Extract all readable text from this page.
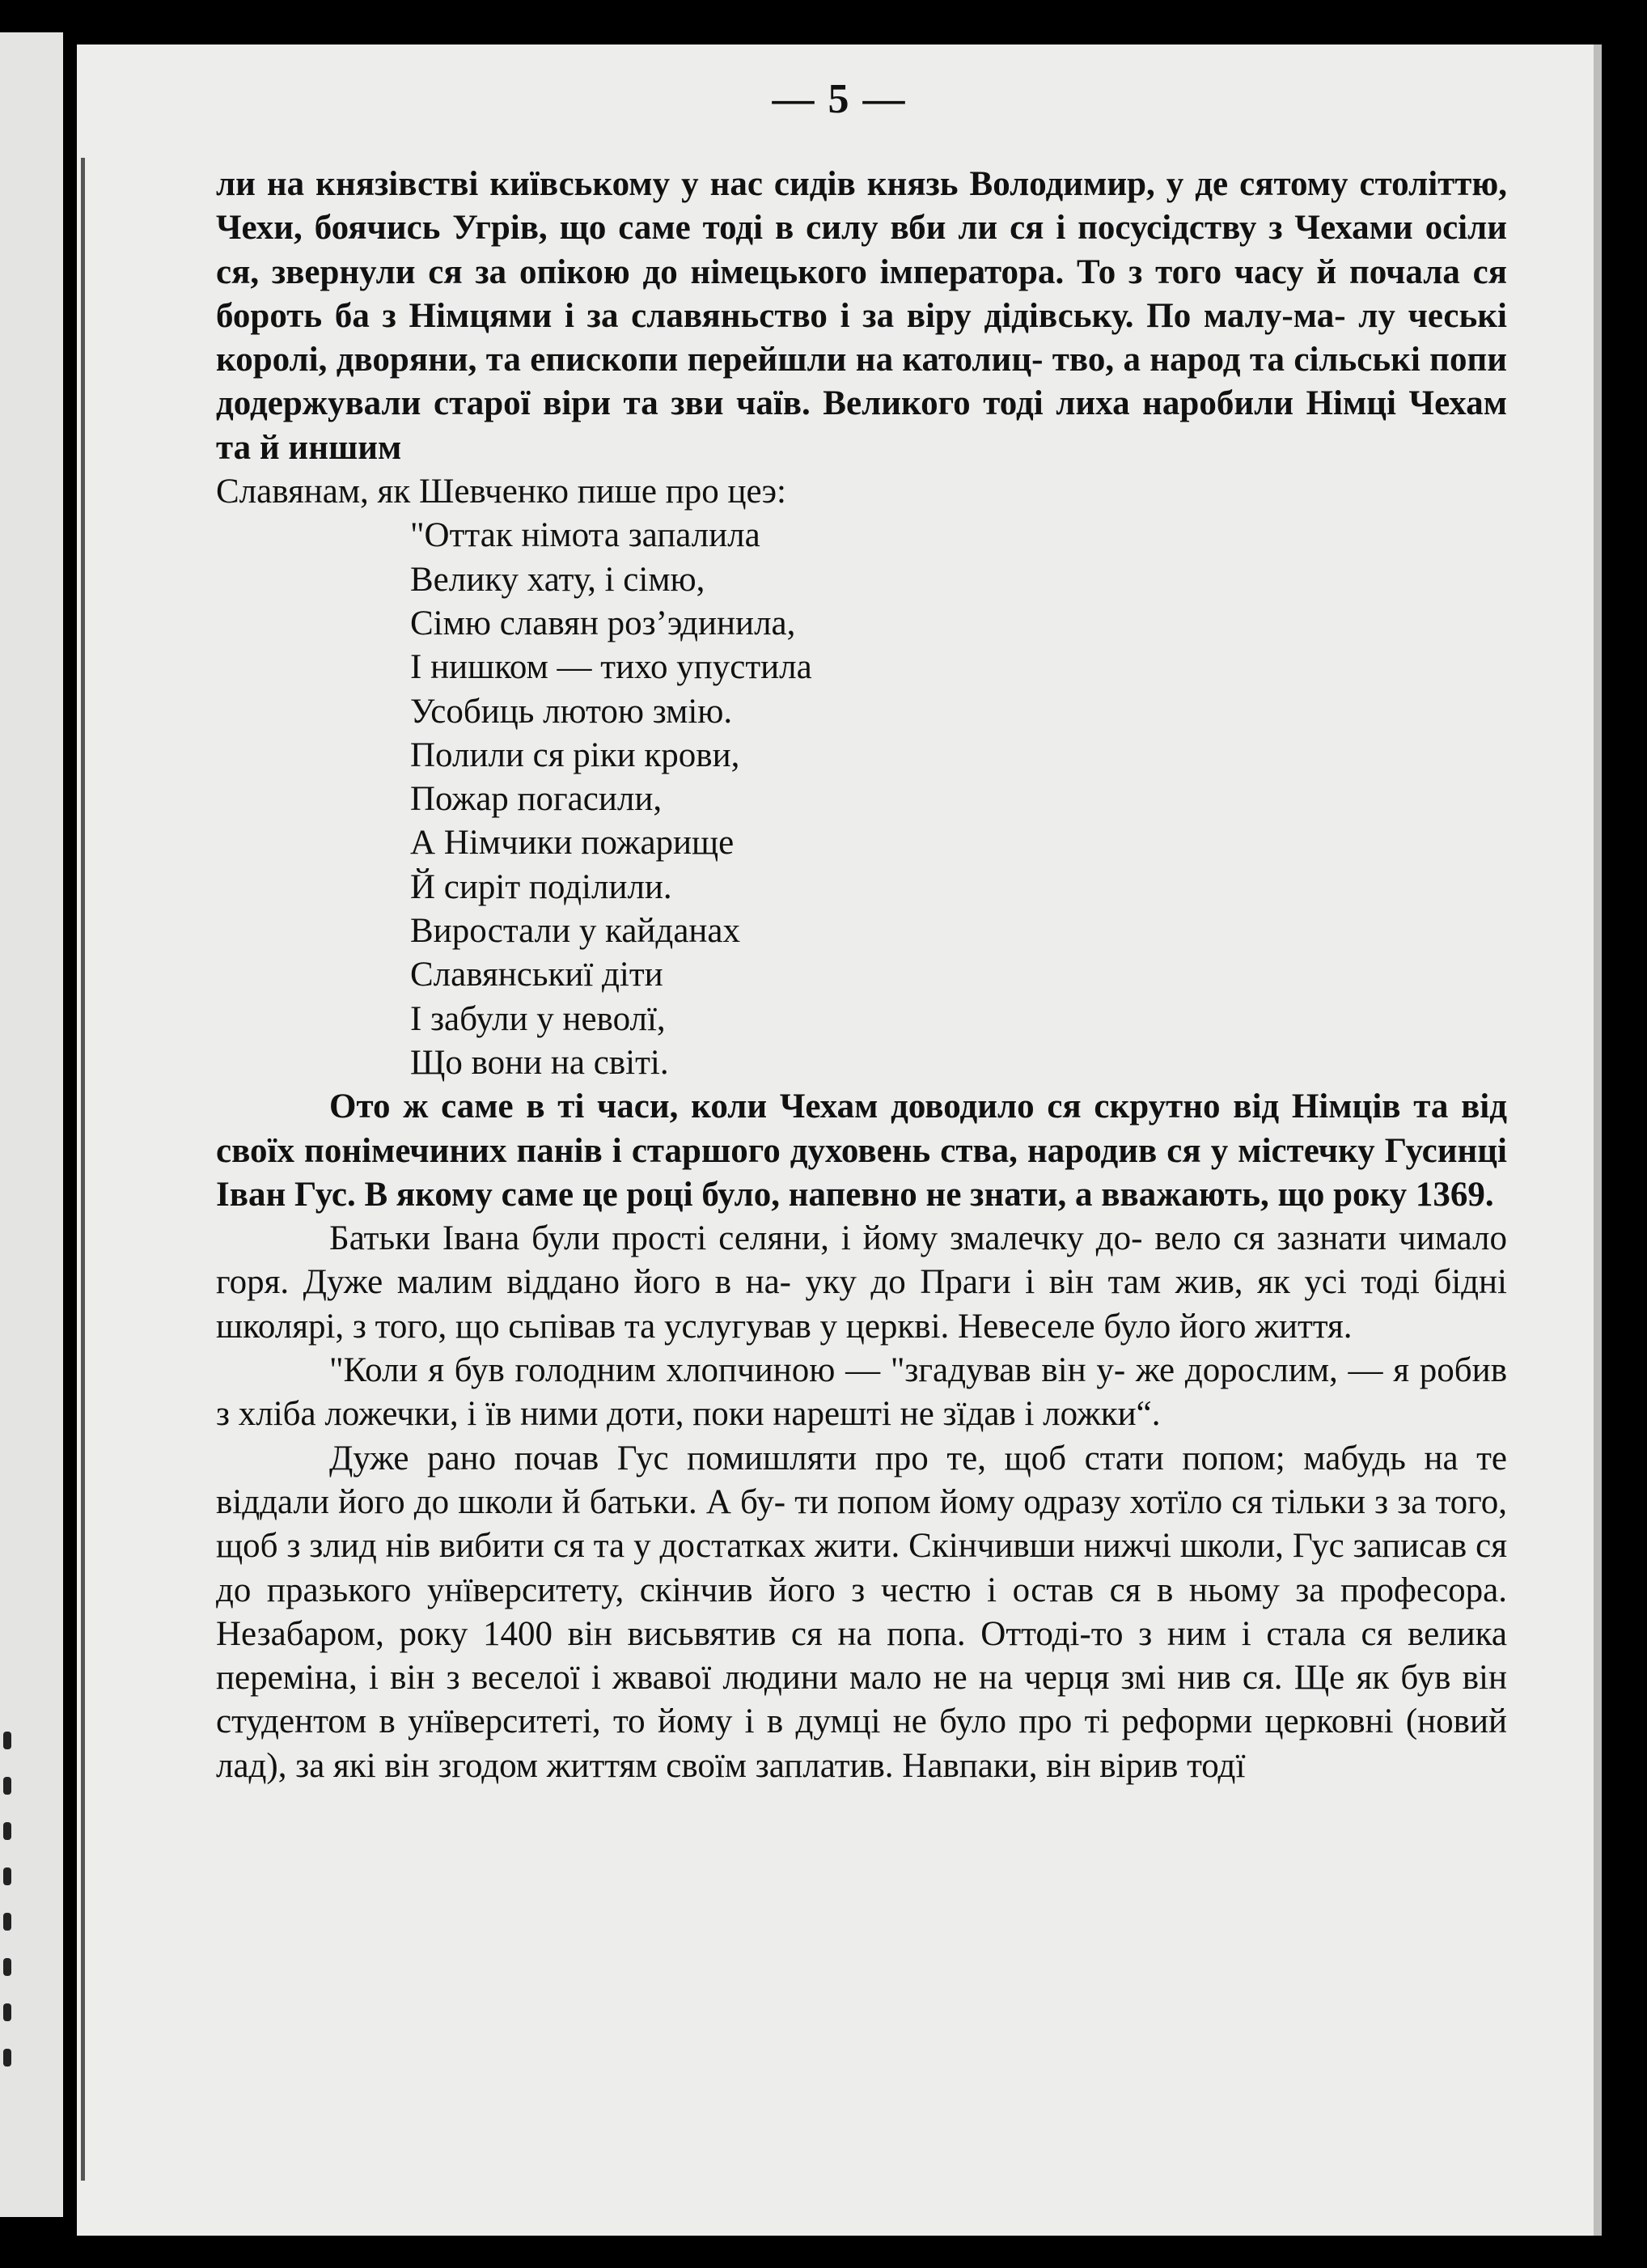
— 5 —

ли на князівстві київському у нас сидів князь Володимир, у де сятому століттю, Чехи, боячись Угрів, що саме тоді в силу вби ли ся і посусідству з Чехами осіли ся, звернули ся за опікою до німецького імператора. То з того часу й почала ся бороть ба з Німцями і за славяньство і за віру дідівську. По малу-ма- лу чеські королі, двоpяни, та епископи перейшли на католиц- тво, а народ та сільські попи додержували старої віри та зви чаїв. Великого тоді лиха наробили Німці Чехам та й иншим

Славянам, як Шевченко пише про цеэ:

"Оттак німота запалила
Велику хату, і сімю,
Сімю славян роз’эдинила,
І нишком — тихо упустила
Усобиць лютою змію.
Полили ся ріки крови,
Пожар погасили,
А Німчики пожарище
Й сиріт поділили.
Виростали у кайданах
Славянськиї діти
І забули у неволї,
Що вони на світі.

Ото ж саме в ті часи, коли Чехам доводило ся скрутно від Німців та від своїх понімечиних панів і старшого духовень ства, народив ся у містечку Гусинці Іван Гус. В якому саме це році було, напевно не знати, а вважають, що року 1369.

Батьки Івана були прості селяни, і йому змалечку до- вело ся зазнати чимало горя. Дуже малим віддано його в на- уку до Праги і він там жив, як усі тоді бідні школярі, з того, що сьпівав та услугував у церкві. Невеселе було його життя.

"Коли я був голодним хлопчиною — "згадував він у- же дорослим, — я робив з хліба ложечки, і їв ними доти, поки нарешті не зїдав і ложки“.

Дуже рано почав Гус помишляти про те, щоб стати попом; мабудь на те віддали його до школи й батьки. А бу- ти попом йому одразу хотїло ся тільки з за того, щоб з злид нів вибити ся та у достатках жити. Скінчивши нижчі школи, Гус записав ся до празького унїверситету, скінчив його з честю і остав ся в ньому за професора. Незабаром, року 1400 він висьвятив ся на попа. Оттоді-то з ним і стала ся велика переміна, і він з веселої і жвавої людини мало не на черця змі нив ся. Ще як був він студентом в унїверситеті, то йому і в думці не було про ті реформи церковні (новий лад), за які він згодом життям своїм заплатив. Навпаки, він вірив тодї
